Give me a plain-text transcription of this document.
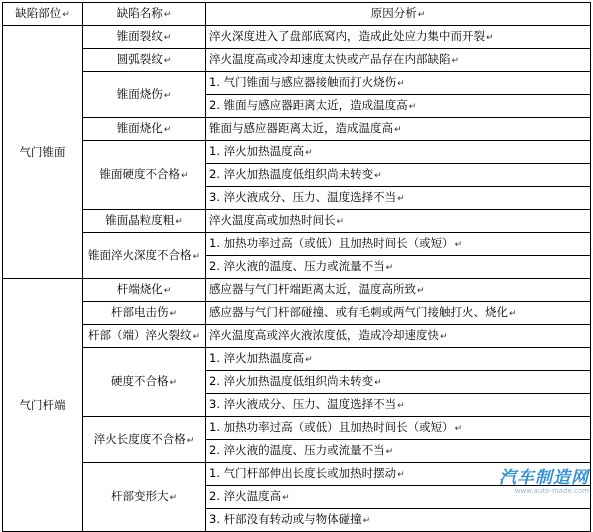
缺陷部位↵	缺陷名称↵	原因分析↵
气门锥面	锥面裂纹↵	淬火深度进入了盘部底窝内，造成此处应力集中而开裂↵
	圆弧裂纹↵	淬火温度高或冷却速度太快或产品存在内部缺陷↵
	锥面烧伤↵	1. 气门锥面与感应器接触而打火烧伤↵
		2. 锥面与感应器距离太近，造成温度高↵
	锥面烧化↵	锥面与感应器距离太近，造成温度高↵
	锥面硬度不合格↵	1. 淬火加热温度高↵
		2. 淬火加热温度低组织尚未转变↵
		3. 淬火液成分、压力、温度选择不当↵
	锥面晶粒度粗↵	淬火温度高或加热时间长↵
	锥面淬火深度不合格↵	1. 加热功率过高（或低）且加热时间长（或短）↵
		2. 淬火液的温度、压力或流量不当↵
气门杆端	杆端烧化↵	感应器与气门杆端距离太近，温度高所致↵
	杆部电击伤↵	感应器与气门杆部碰撞、或有毛刺或两气门接触打火、烧化↵
	杆部（端）淬火裂纹↵	淬火温度高或淬火液浓度低，造成冷却速度快↵
	硬度不合格↵	1. 淬火加热温度高↵
		2. 淬火加热温度低组织尚未转变↵
		3. 淬火液成分、压力、温度选择不当↵
	淬火长度度不合格↵	1. 加热功率过高（或低）且加热时间长（或短）↵
		2. 淬火液的温度、压力或流量不当↵
	杆部变形大↵	1. 气门杆部伸出长度长或加热时摆动↵
		2. 淬火温度高↵
		3. 杆部没有转动或与物体碰撞↵
汽车制造网
www.auto-made.com
